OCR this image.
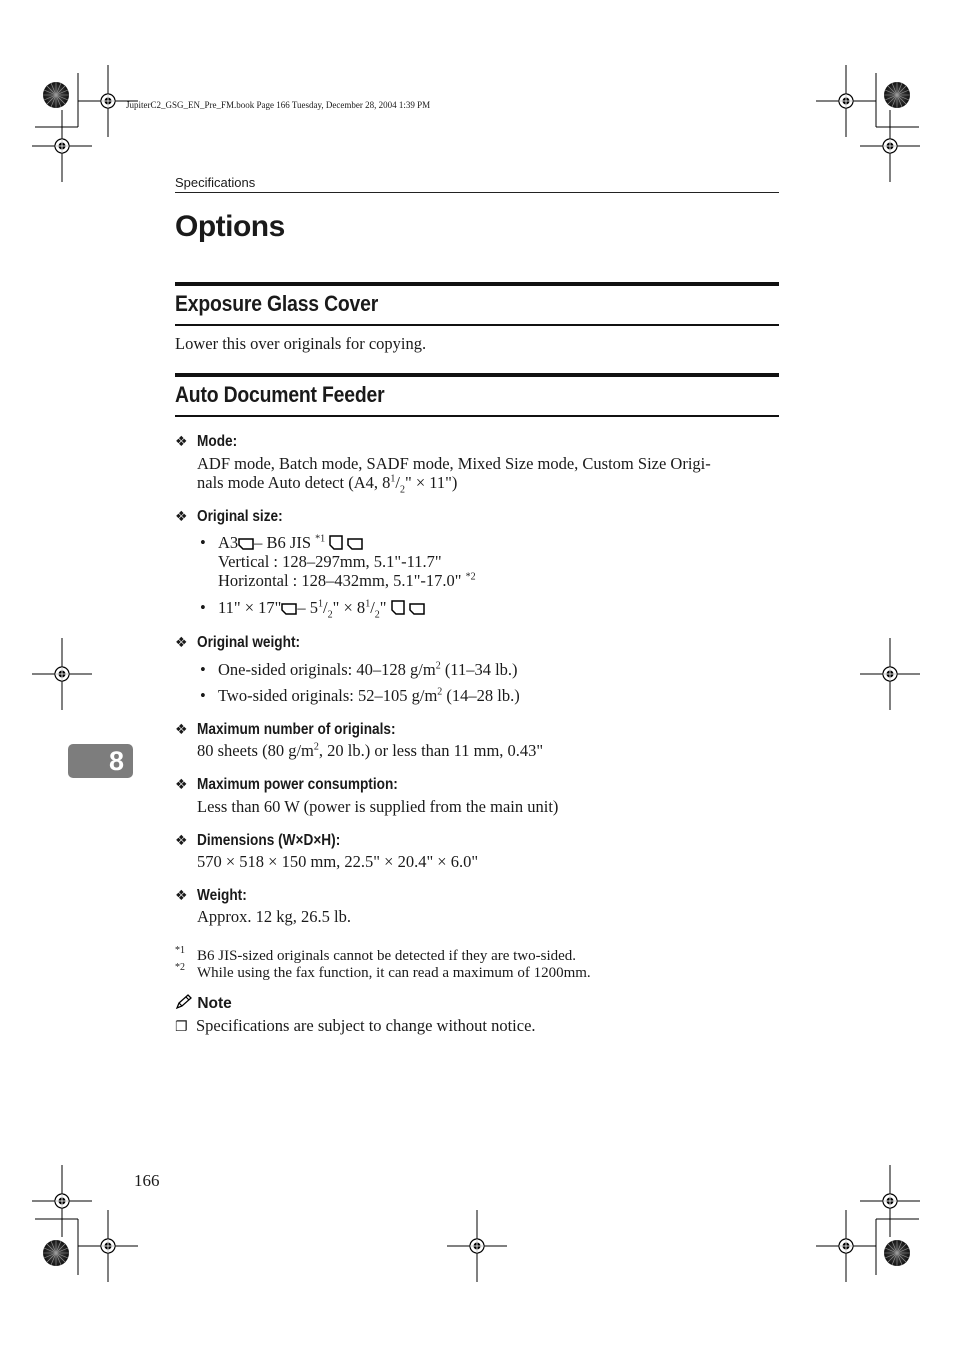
JupiterC2_GSG_EN_Pre_FM.book Page 166 Tuesday, December 28, 2004 1:39 PM
Specifications
Options
Exposure Glass Cover
Lower this over originals for copying.
Auto Document Feeder
❖ Mode:
ADF mode, Batch mode, SADF mode, Mixed Size mode, Custom Size Origi-
nals mode Auto detect (A4, $8^1/_2$" × 11")
❖ Original size:
• A3 – B6 JIS $^{*1}$
Vertical : 128–297mm, 5.1"-11.7"
Horizontal : 128–432mm, 5.1"-17.0" $^{*2}$
• 11" × 17" – $5^1/_2$" × $8^1/_2$"
❖ Original weight:
• One-sided originals: 40–128 $g/m^2$ (11–34 lb.)
• Two-sided originals: 52–105 $g/m^2$ (14–28 lb.)
❖ Maximum number of originals:
80 sheets (80 $g/m^2$, 20 lb.) or less than 11 mm, 0.43"
❖ Maximum power consumption:
Less than 60 W (power is supplied from the main unit)
❖ Dimensions (W×D×H):
570 × 518 × 150 mm, 22.5" × 20.4" × 6.0"
❖ Weight:
Approx. 12 kg, 26.5 lb.
$^{*1}$ B6 JIS-sized originals cannot be detected if they are two-sided.
$^{*2}$ While using the fax function, it can read a maximum of 1200mm.
Note
❐ Specifications are subject to change without notice.
8
166
